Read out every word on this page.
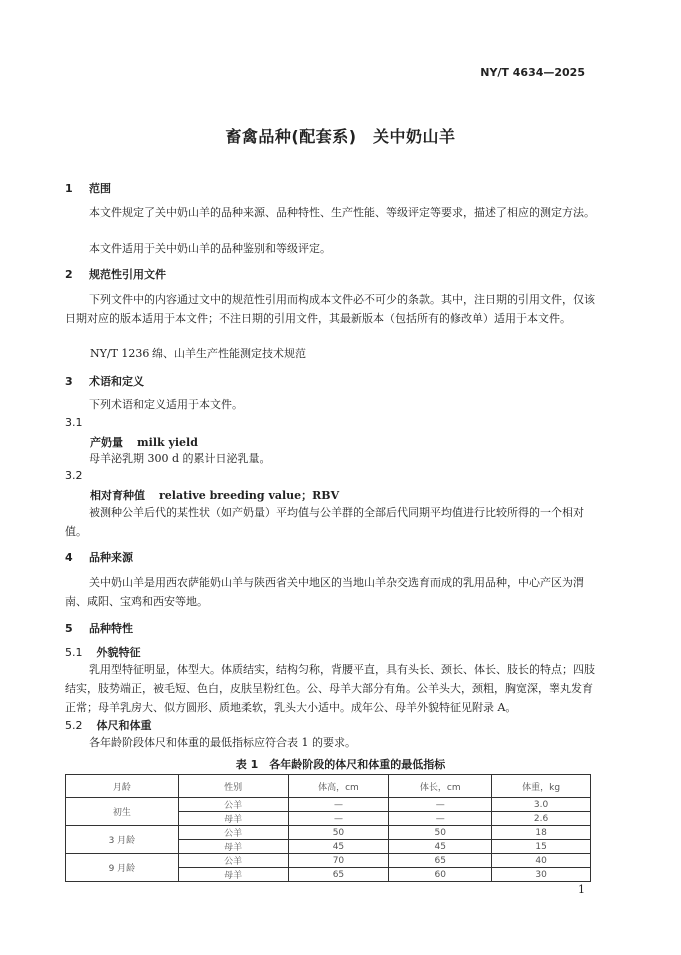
NY/T 4634—2025
畜禽品种(配套系)　关中奶山羊
1 范围
本文件规定了关中奶山羊的品种来源、品种特性、生产性能、等级评定等要求，描述了相应的测定方法。
本文件适用于关中奶山羊的品种鉴别和等级评定。
2 规范性引用文件
下列文件中的内容通过文中的规范性引用而构成本文件必不可少的条款。其中，注日期的引用文件，仅该日期对应的版本适用于本文件；不注日期的引用文件，其最新版本（包括所有的修改单）适用于本文件。
NY/T 1236 绵、山羊生产性能测定技术规范
3 术语和定义
下列术语和定义适用于本文件。
3.1
产奶量 milk yield
母羊泌乳期 300 d 的累计日泌乳量。
3.2
相对育种值 relative breeding value；RBV
被测种公羊后代的某性状（如产奶量）平均值与公羊群的全部后代同期平均值进行比较所得的一个相对值。
4 品种来源
关中奶山羊是用西农萨能奶山羊与陕西省关中地区的当地山羊杂交选育而成的乳用品种，中心产区为渭南、咸阳、宝鸡和西安等地。
5 品种特性
5.1 外貌特征
乳用型特征明显，体型大。体质结实，结构匀称，背腰平直，具有头长、颈长、体长、肢长的特点；四肢结实，肢势端正，被毛短、色白，皮肤呈粉红色。公、母羊大部分有角。公羊头大，颈粗，胸宽深，睾丸发育正常；母羊乳房大、似方圆形、质地柔软，乳头大小适中。成年公、母羊外貌特征见附录 A。
5.2 体尺和体重
各年龄阶段体尺和体重的最低指标应符合表 1 的要求。
表 1　各年龄阶段的体尺和体重的最低指标
月龄	性别	体高，cm	体长，cm	体重，kg
初生	公羊	—	—	3.0
	母羊	—	—	2.6
3 月龄	公羊	50	50	18
	母羊	45	45	15
9 月龄	公羊	70	65	40
	母羊	65	60	30
1
